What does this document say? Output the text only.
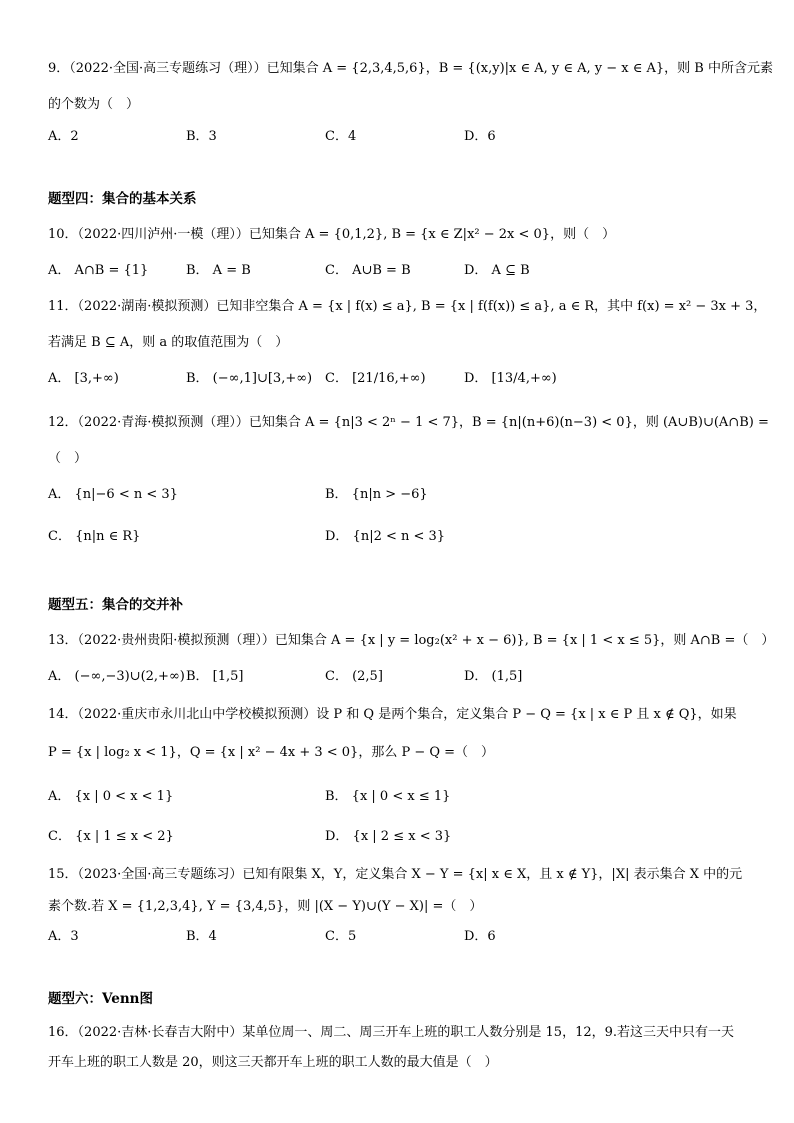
9．（2022·全国·高三专题练习（理））已知集合 A = {2,3,4,5,6}，B = {(x,y)|x ∈ A, y ∈ A, y − x ∈ A}，则 B 中所含元素
的个数为（　）
A．2	B．3	C．4	D．6
题型四：集合的基本关系
10．（2022·四川泸州·一模（理））已知集合 A = {0,1,2}, B = {x ∈ Z|x² − 2x < 0}，则（　）
A． A∩B = {1}	B． A = B	C． A∪B = B	D． A ⊆ B
11．（2022·湖南·模拟预测）已知非空集合 A = {x | f(x) ≤ a}, B = {x | f(f(x)) ≤ a}, a ∈ R，其中 f(x) = x² − 3x + 3，
若满足 B ⊆ A，则 a 的取值范围为（　）
A． [3,+∞)	B． (−∞,1]∪[3,+∞) C． [21/16,+∞)	D． [13/4,+∞)
12．（2022·青海·模拟预测（理））已知集合 A = {n|3 < 2ⁿ − 1 < 7}，B = {n|(n+6)(n−3) < 0}，则 (A∪B)∪(A∩B) =
（　）
A． {n|−6 < n < 3}	B． {n|n > −6}
C． {n|n ∈ R}	D． {n|2 < n < 3}
题型五：集合的交并补
13．（2022·贵州贵阳·模拟预测（理））已知集合 A = {x | y = log₂(x² + x − 6)}, B = {x | 1 < x ≤ 5}，则 A∩B =（　）
A． (−∞,−3)∪(2,+∞) B． [1,5]	C． (2,5]	D． (1,5]
14．（2022·重庆市永川北山中学校模拟预测）设 P 和 Q 是两个集合，定义集合 P − Q = {x | x ∈ P 且 x ∉ Q}，如果
P = {x | log₂ x < 1}，Q = {x | x² − 4x + 3 < 0}，那么 P − Q =（　）
A． {x | 0 < x < 1}	B． {x | 0 < x ≤ 1}
C． {x | 1 ≤ x < 2}	D． {x | 2 ≤ x < 3}
15．（2023·全国·高三专题练习）已知有限集 X，Y，定义集合 X − Y = {x| x ∈ X，且 x ∉ Y}，|X| 表示集合 X 中的元
素个数.若 X = {1,2,3,4}, Y = {3,4,5}，则 |(X − Y)∪(Y − X)| =（　）
A．3	B．4	C．5	D．6
题型六：Venn图
16．（2022·吉林·长春吉大附中）某单位周一、周二、周三开车上班的职工人数分别是 15，12，9.若这三天中只有一天
开车上班的职工人数是 20，则这三天都开车上班的职工人数的最大值是（　）
